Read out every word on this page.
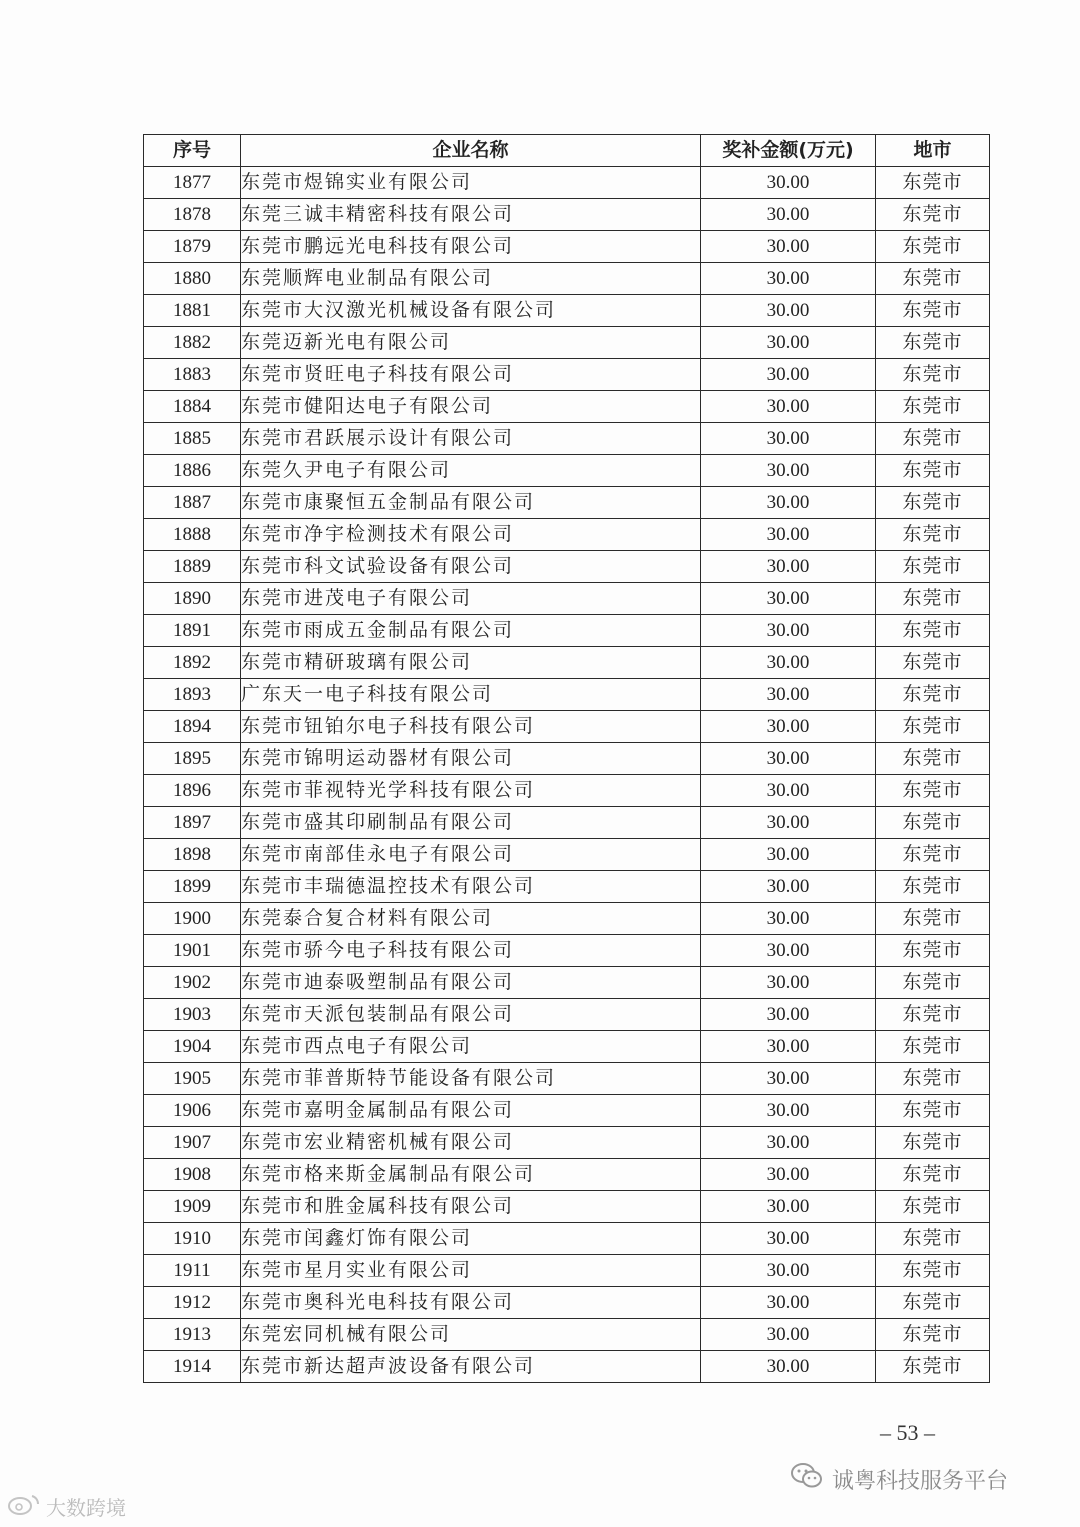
序号	企业名称	奖补金额(万元)	地市
1877	东莞市煜锦实业有限公司	30.00	东莞市
1878	东莞三诚丰精密科技有限公司	30.00	东莞市
1879	东莞市鹏远光电科技有限公司	30.00	东莞市
1880	东莞顺辉电业制品有限公司	30.00	东莞市
1881	东莞市大汉激光机械设备有限公司	30.00	东莞市
1882	东莞迈新光电有限公司	30.00	东莞市
1883	东莞市贤旺电子科技有限公司	30.00	东莞市
1884	东莞市健阳达电子有限公司	30.00	东莞市
1885	东莞市君跃展示设计有限公司	30.00	东莞市
1886	东莞久尹电子有限公司	30.00	东莞市
1887	东莞市康聚恒五金制品有限公司	30.00	东莞市
1888	东莞市净宇检测技术有限公司	30.00	东莞市
1889	东莞市科文试验设备有限公司	30.00	东莞市
1890	东莞市进茂电子有限公司	30.00	东莞市
1891	东莞市雨成五金制品有限公司	30.00	东莞市
1892	东莞市精研玻璃有限公司	30.00	东莞市
1893	广东天一电子科技有限公司	30.00	东莞市
1894	东莞市钮铂尔电子科技有限公司	30.00	东莞市
1895	东莞市锦明运动器材有限公司	30.00	东莞市
1896	东莞市菲视特光学科技有限公司	30.00	东莞市
1897	东莞市盛其印刷制品有限公司	30.00	东莞市
1898	东莞市南部佳永电子有限公司	30.00	东莞市
1899	东莞市丰瑞德温控技术有限公司	30.00	东莞市
1900	东莞泰合复合材料有限公司	30.00	东莞市
1901	东莞市骄今电子科技有限公司	30.00	东莞市
1902	东莞市迪泰吸塑制品有限公司	30.00	东莞市
1903	东莞市天派包装制品有限公司	30.00	东莞市
1904	东莞市西点电子有限公司	30.00	东莞市
1905	东莞市菲普斯特节能设备有限公司	30.00	东莞市
1906	东莞市嘉明金属制品有限公司	30.00	东莞市
1907	东莞市宏业精密机械有限公司	30.00	东莞市
1908	东莞市格来斯金属制品有限公司	30.00	东莞市
1909	东莞市和胜金属科技有限公司	30.00	东莞市
1910	东莞市闰鑫灯饰有限公司	30.00	东莞市
1911	东莞市星月实业有限公司	30.00	东莞市
1912	东莞市奥科光电科技有限公司	30.00	东莞市
1913	东莞宏同机械有限公司	30.00	东莞市
1914	东莞市新达超声波设备有限公司	30.00	东莞市
– 53 –
大数跨境
诚粤科技服务平台
